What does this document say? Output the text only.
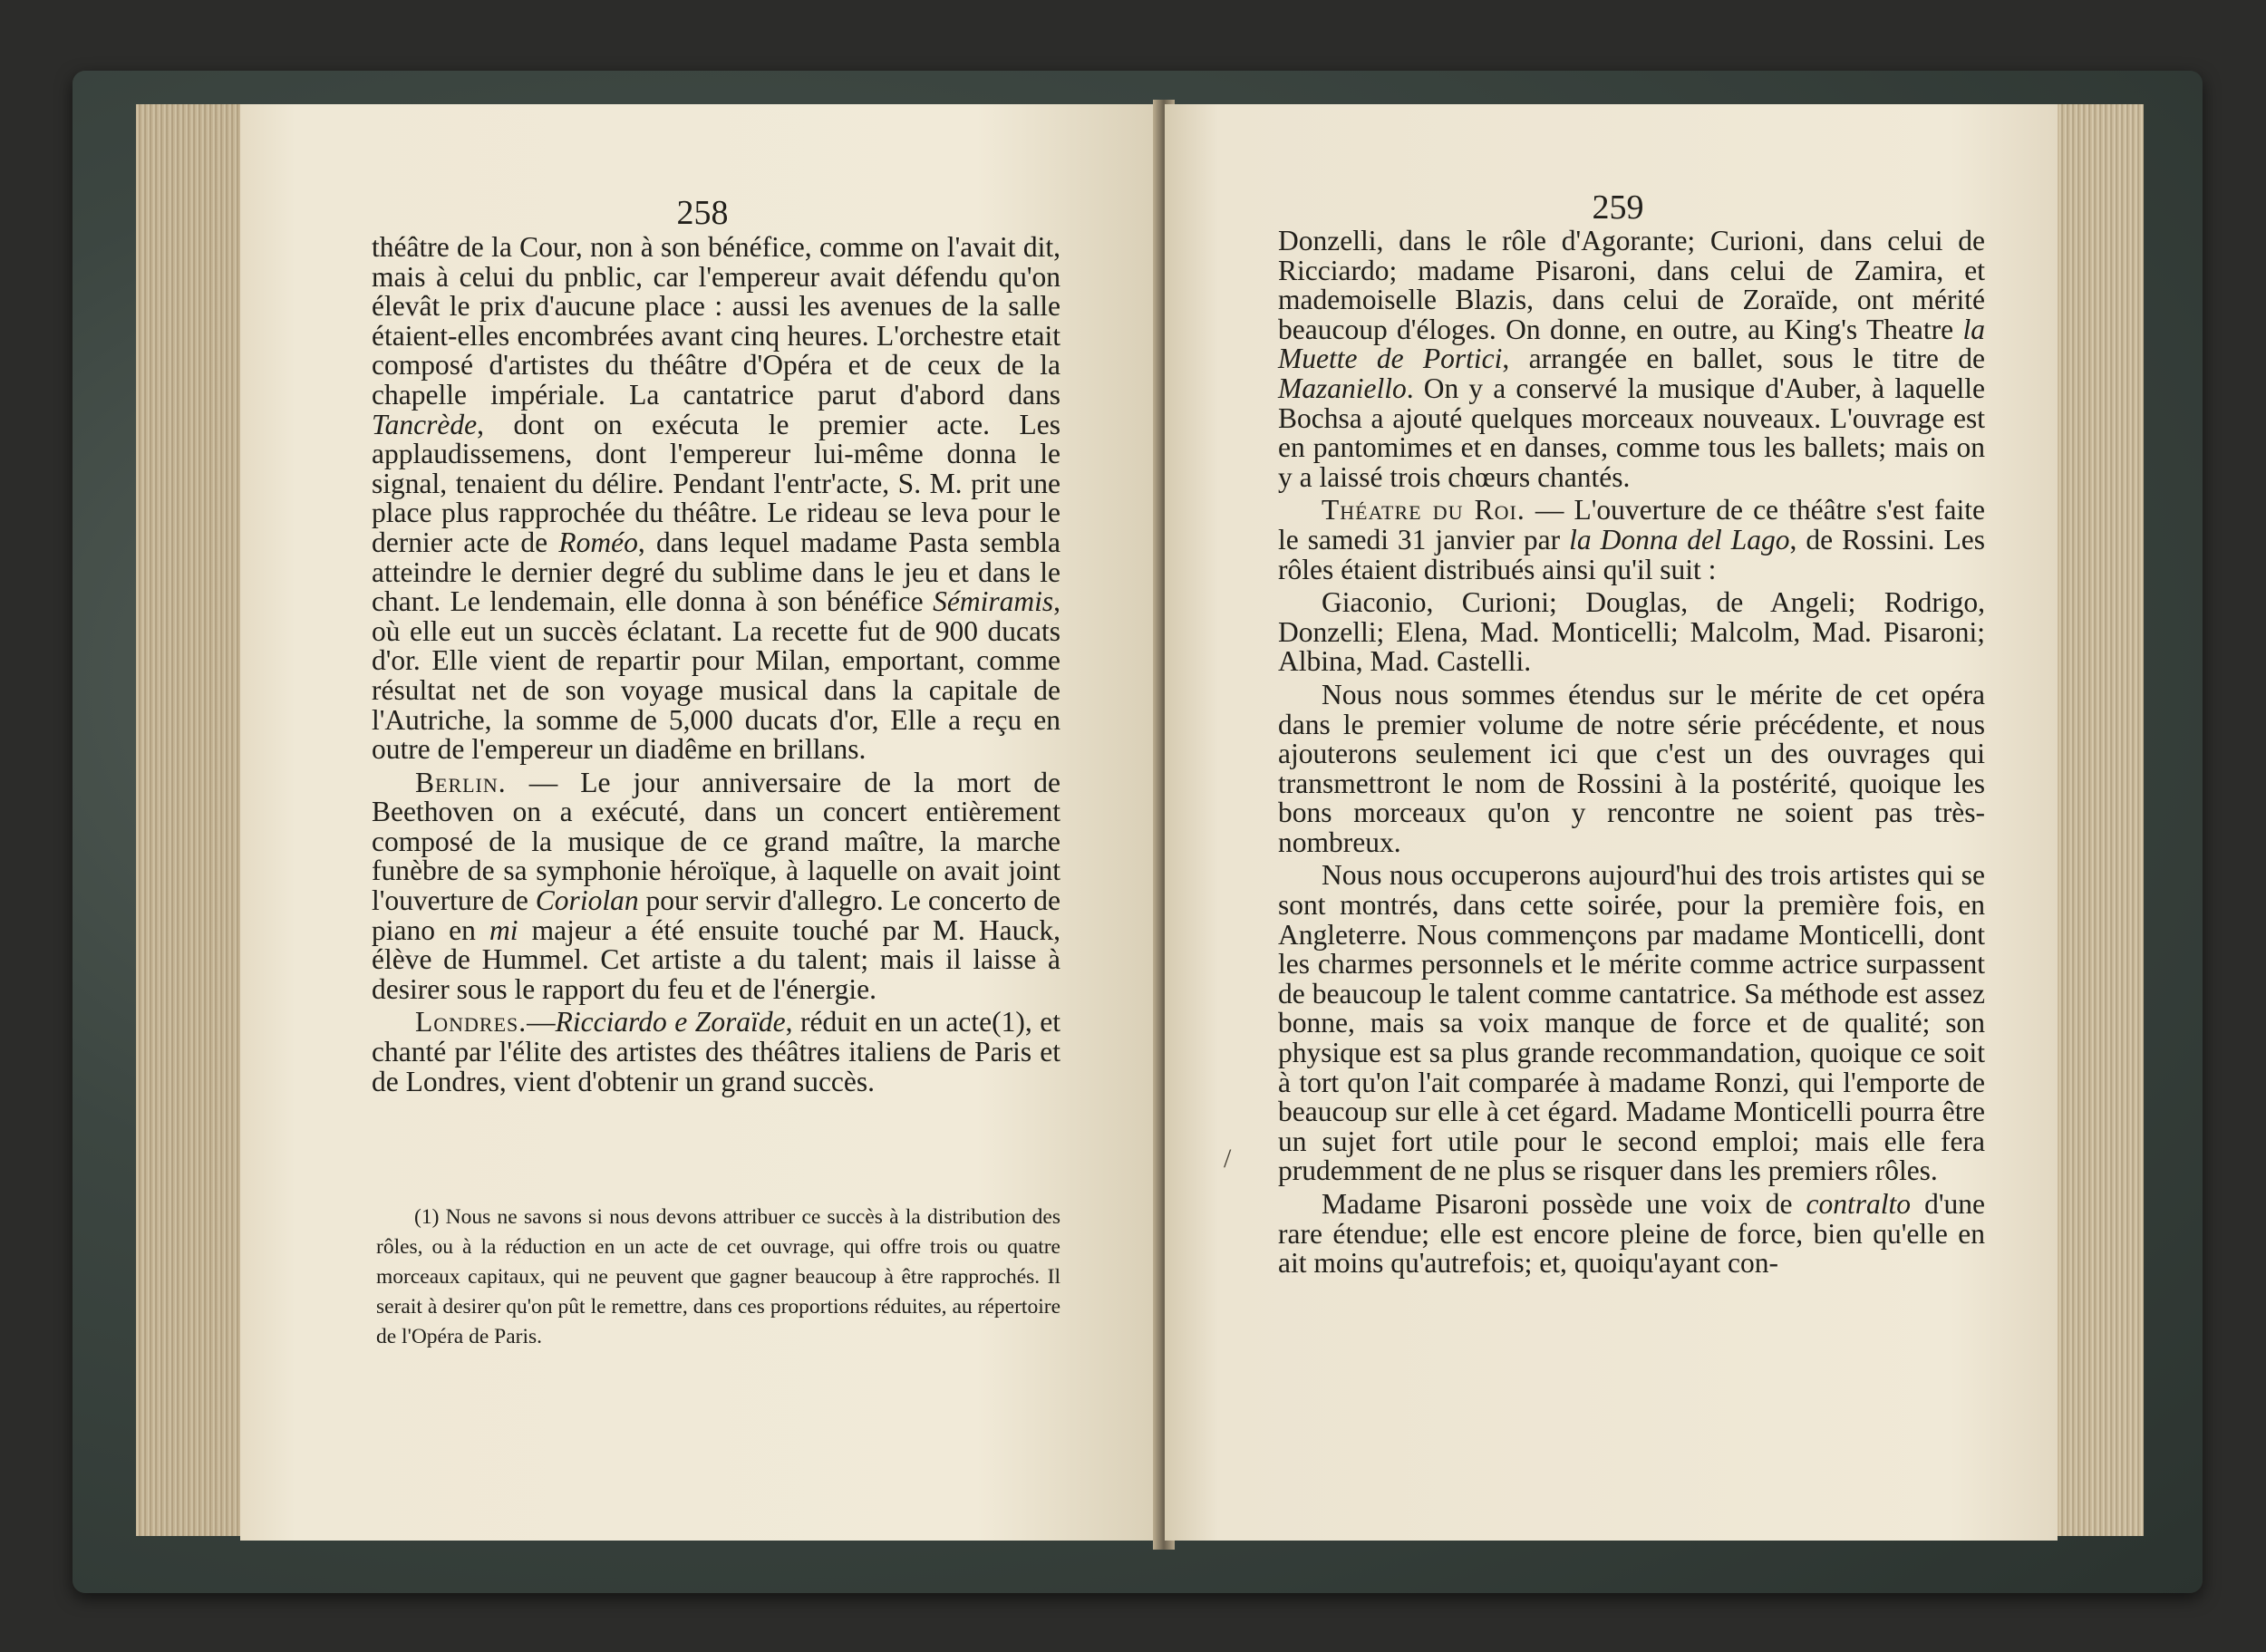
258

théâtre de la Cour, non à son bénéfice, comme on l'avait dit, mais à celui du pnblic, car l'empereur avait défendu qu'on élevât le prix d'aucune place : aussi les avenues de la salle étaient-elles encombrées avant cinq heures. L'orchestre etait composé d'artistes du théâtre d'Opéra et de ceux de la chapelle impériale. La cantatrice parut d'abord dans Tancrède, dont on exécuta le premier acte. Les applaudissemens, dont l'empereur lui-même donna le signal, tenaient du délire. Pendant l'entr'acte, S. M. prit une place plus rapprochée du théâtre. Le rideau se leva pour le dernier acte de Roméo, dans lequel madame Pasta sembla atteindre le dernier degré du sublime dans le jeu et dans le chant. Le lendemain, elle donna à son bénéfice Sémiramis, où elle eut un succès éclatant. La recette fut de 900 ducats d'or. Elle vient de repartir pour Milan, emportant, comme résultat net de son voyage musical dans la capitale de l'Autriche, la somme de 5,000 ducats d'or, Elle a reçu en outre de l'empereur un diadême en brillans.

Berlin. — Le jour anniversaire de la mort de Beethoven on a exécuté, dans un concert entièrement composé de la musique de ce grand maître, la marche funèbre de sa symphonie héroïque, à laquelle on avait joint l'ouverture de Coriolan pour servir d'allegro. Le concerto de piano en mi majeur a été ensuite touché par M. Hauck, élève de Hummel. Cet artiste a du talent; mais il laisse à desirer sous le rapport du feu et de l'énergie.

Londres.—Ricciardo e Zoraïde, réduit en un acte(1), et chanté par l'élite des artistes des théâtres italiens de Paris et de Londres, vient d'obtenir un grand succès.

(1) Nous ne savons si nous devons attribuer ce succès à la distribution des rôles, ou à la réduction en un acte de cet ouvrage, qui offre trois ou quatre morceaux capitaux, qui ne peuvent que gagner beaucoup à être rapprochés. Il serait à desirer qu'on pût le remettre, dans ces proportions réduites, au répertoire de l'Opéra de Paris.

259

Donzelli, dans le rôle d'Agorante; Curioni, dans celui de Ricciardo; madame Pisaroni, dans celui de Zamira, et mademoiselle Blazis, dans celui de Zoraïde, ont mérité beaucoup d'éloges. On donne, en outre, au King's Theatre la Muette de Portici, arrangée en ballet, sous le titre de Mazaniello. On y a conservé la musique d'Auber, à laquelle Bochsa a ajouté quelques morceaux nouveaux. L'ouvrage est en pantomimes et en danses, comme tous les ballets; mais on y a laissé trois chœurs chantés.

Théatre du Roi. — L'ouverture de ce théâtre s'est faite le samedi 31 janvier par la Donna del Lago, de Rossini. Les rôles étaient distribués ainsi qu'il suit :

Giaconio, Curioni; Douglas, de Angeli; Rodrigo, Donzelli; Elena, Mad. Monticelli; Malcolm, Mad. Pisaroni; Albina, Mad. Castelli.

Nous nous sommes étendus sur le mérite de cet opéra dans le premier volume de notre série précédente, et nous ajouterons seulement ici que c'est un des ouvrages qui transmettront le nom de Rossini à la postérité, quoique les bons morceaux qu'on y rencontre ne soient pas très-nombreux.

Nous nous occuperons aujourd'hui des trois artistes qui se sont montrés, dans cette soirée, pour la première fois, en Angleterre. Nous commençons par madame Monticelli, dont les charmes personnels et le mérite comme actrice surpassent de beaucoup le talent comme cantatrice. Sa méthode est assez bonne, mais sa voix manque de force et de qualité; son physique est sa plus grande recommandation, quoique ce soit à tort qu'on l'ait comparée à madame Ronzi, qui l'emporte de beaucoup sur elle à cet égard. Madame Monticelli pourra être un sujet fort utile pour le second emploi; mais elle fera prudemment de ne plus se risquer dans les premiers rôles.

Madame Pisaroni possède une voix de contralto d'une rare étendue; elle est encore pleine de force, bien qu'elle en ait moins qu'autrefois; et, quoiqu'ayant con-

/
